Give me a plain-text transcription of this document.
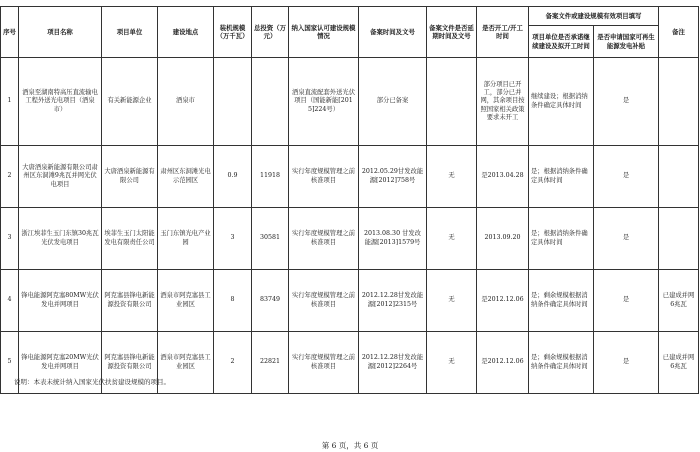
序号	项目名称	项目单位	建设地点	装机规模（万千瓦）	总投资（万元）	纳入国家认可建设规模情况	备案时间及文号	备案文件是否延期时间及文号	是否开工/开工时间	备案文件或建设规模有效项目填写		备注
										项目单位是否承诺继续建设及拟开工时间	是否申请国家可再生能源发电补贴	
1	酒泉至湖南特高压直流输电工程外送光电项目（酒泉市）	有关新能源企业	酒泉市			酒泉直流配套外送光伏项目（国能新能[2015]224号）	部分已备案		部分项目已开工，部分已并网，其余项目按照国家相关政策要求未开工	继续建设；根据消纳条件确定具体时间	是	
2	大唐酒泉新能源有限公司肃州区东洞滩9兆瓦并网光伏电项目	大唐酒泉新能源有限公司	肃州区东洞滩光电示范园区	0.9	11918	实行年度规模管理之前核准项目	2012.05.29甘发改能源[2012]758号	无	是2013.04.28	是；根据消纳条件确定具体时间	是	
3	浙江埃菲生玉门东镇30兆瓦光伏发电项目	埃菲生玉门太阳能发电有限责任公司	玉门东镇光电产业园	3	30581	实行年度规模管理之前核准项目	2013.08.30 甘发改能源[2013]1579号	无	2013.09.20	是；根据消纳条件确定具体时间	是	
4	锋电能源阿克塞80MW光伏发电并网项目	阿克塞县锋电新能源投资有限公司	酒泉市阿克塞县工业园区	8	83749	实行年度规模管理之前核准项目	2012.12.28甘发改能源[2012]2315号	无	是2012.12.06	是；剩余规模根据消纳条件确定具体时间	是	已建成并网6兆瓦
5	锋电能源阿克塞20MW光伏发电并网项目	阿克塞县锋电新能源投资有限公司	酒泉市阿克塞县工业园区	2	22821	实行年度规模管理之前核准项目	2012.12.28甘发改能源[2012]2264号	无	是2012.12.06	是；剩余规模根据消纳条件确定具体时间	是	已建成并网6兆瓦
说明：本表未统计纳入国家光伏扶贫建设规模的项目。
第 6 页，共 6 页
